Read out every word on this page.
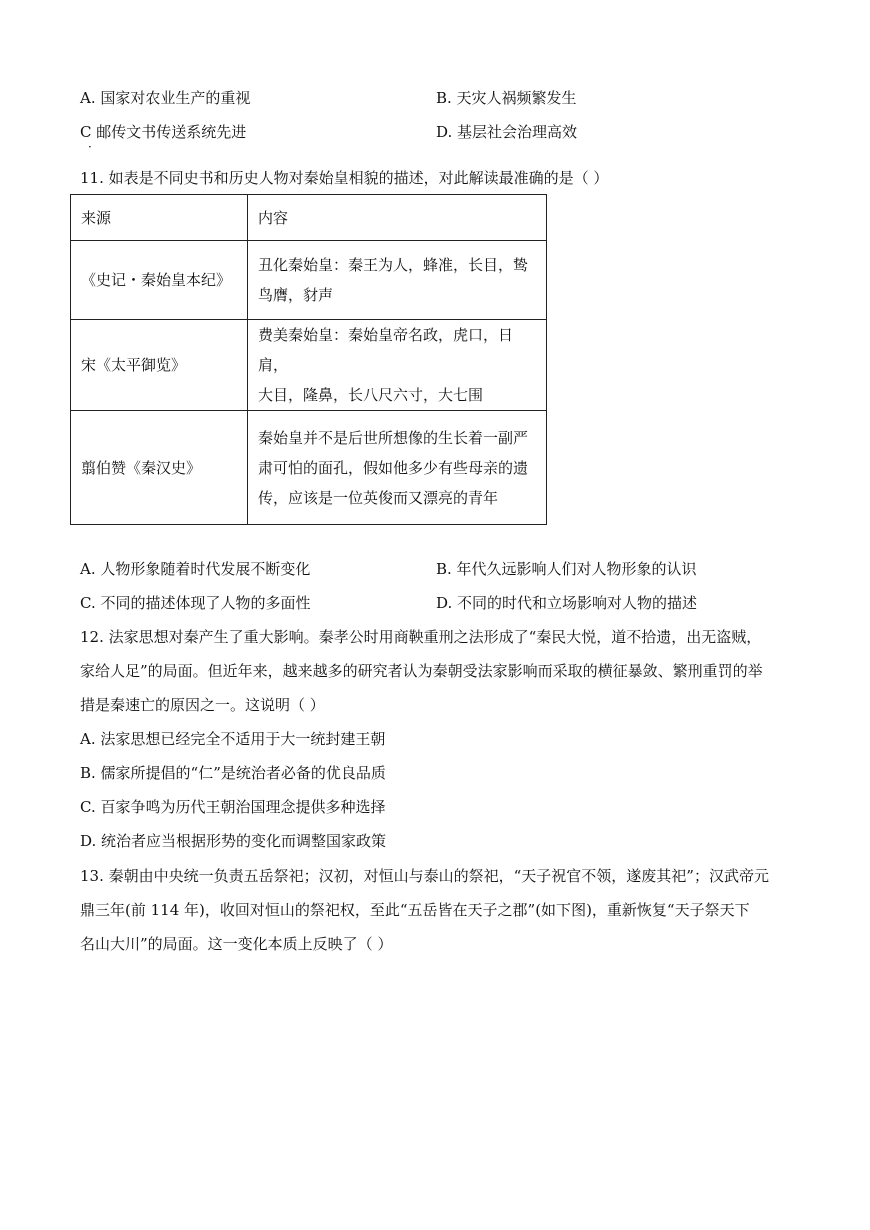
A. 国家对农业生产的重视	B. 天灾人祸频繁发生
C 邮传文书传送系统先进
·
D. 基层社会治理高效
11. 如表是不同史书和历史人物对秦始皇相貌的描述，对此解读最准确的是（ ）
来源	内容
《史记・秦始皇本纪》	丑化秦始皇：秦王为人，蜂准，长目，鸷
鸟膺，豺声

宋《太平御览》	费美秦始皇：秦始皇帝名政，虎口，日肩，
大目，隆鼻，长八尺六寸，大七围

翦伯赞《秦汉史》	秦始皇并不是后世所想像的生长着一副严
肃可怕的面孔，假如他多少有些母亲的遗
传，应该是一位英俊而又漂亮的青年
A. 人物形象随着时代发展不断变化	B. 年代久远影响人们对人物形象的认识
C. 不同的描述体现了人物的多面性	D. 不同的时代和立场影响对人物的描述
12. 法家思想对秦产生了重大影响。秦孝公时用商鞅重刑之法形成了“秦民大悦，道不拾遗，出无盗贼，
家给人足”的局面。但近年来，越来越多的研究者认为秦朝受法家影响而采取的横征暴敛、繁刑重罚的举
措是秦速亡的原因之一。这说明（ ）
A. 法家思想已经完全不适用于大一统封建王朝
B. 儒家所提倡的“仁”是统治者必备的优良品质
C. 百家争鸣为历代王朝治国理念提供多种选择
D. 统治者应当根据形势的变化而调整国家政策
13. 秦朝由中央统一负责五岳祭祀；汉初，对恒山与泰山的祭祀，“天子祝官不领，遂废其祀”；汉武帝元
鼎三年(前 114 年)，收回对恒山的祭祀权，至此“五岳皆在天子之郡”(如下图)，重新恢复“天子祭天下
名山大川”的局面。这一变化本质上反映了（ ）
